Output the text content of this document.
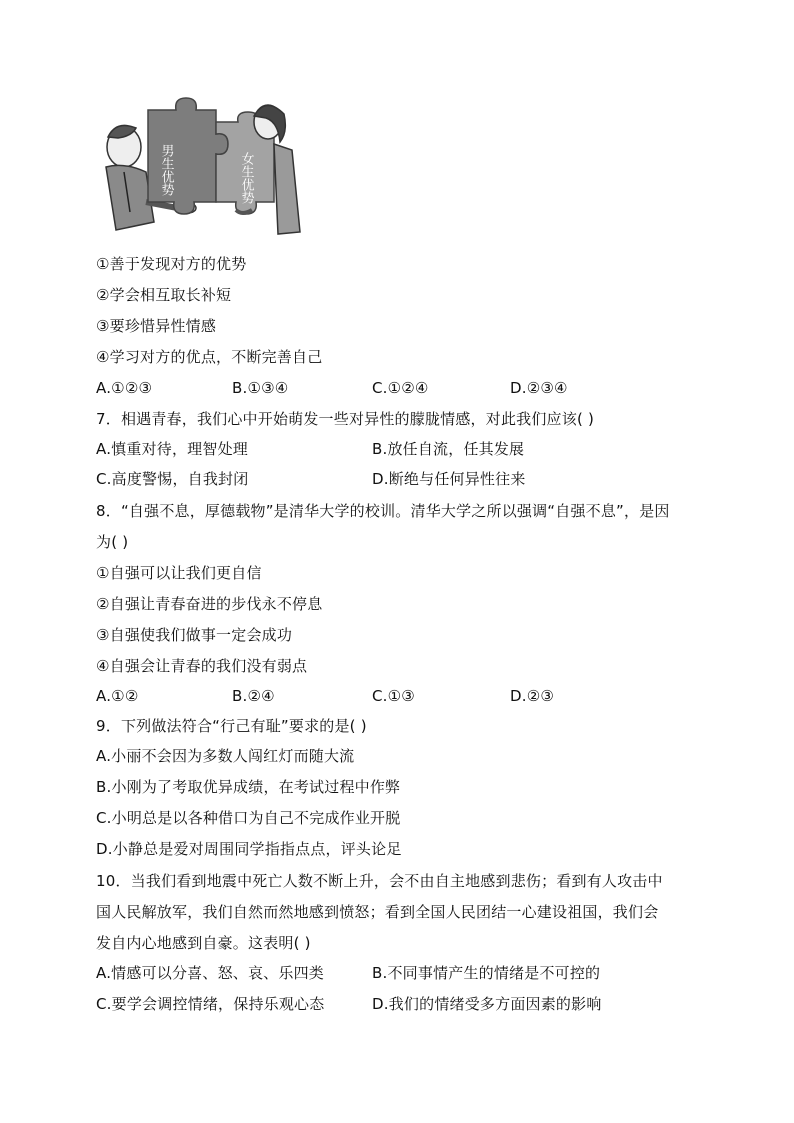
男生优势	女生优势
①善于发现对方的优势
②学会相互取长补短
③要珍惜异性情感
④学习对方的优点，不断完善自己
A.①②③	B.①③④	C.①②④	D.②③④
7．相遇青春，我们心中开始萌发一些对异性的朦胧情感，对此我们应该( )
A.慎重对待，理智处理	B.放任自流，任其发展
C.高度警惕，自我封闭	D.断绝与任何异性往来
8．“自强不息，厚德载物”是清华大学的校训。清华大学之所以强调“自强不息”，是因
为( )
①自强可以让我们更自信
②自强让青春奋进的步伐永不停息
③自强使我们做事一定会成功
④自强会让青春的我们没有弱点
A.①②	B.②④	C.①③	D.②③
9．下列做法符合“行己有耻”要求的是( )
A.小丽不会因为多数人闯红灯而随大流
B.小刚为了考取优异成绩，在考试过程中作弊
C.小明总是以各种借口为自己不完成作业开脱
D.小静总是爱对周围同学指指点点，评头论足
10．当我们看到地震中死亡人数不断上升，会不由自主地感到悲伤；看到有人攻击中
国人民解放军，我们自然而然地感到愤怒；看到全国人民团结一心建设祖国，我们会
发自内心地感到自豪。这表明( )
A.情感可以分喜、怒、哀、乐四类	B.不同事情产生的情绪是不可控的
C.要学会调控情绪，保持乐观心态	D.我们的情绪受多方面因素的影响
